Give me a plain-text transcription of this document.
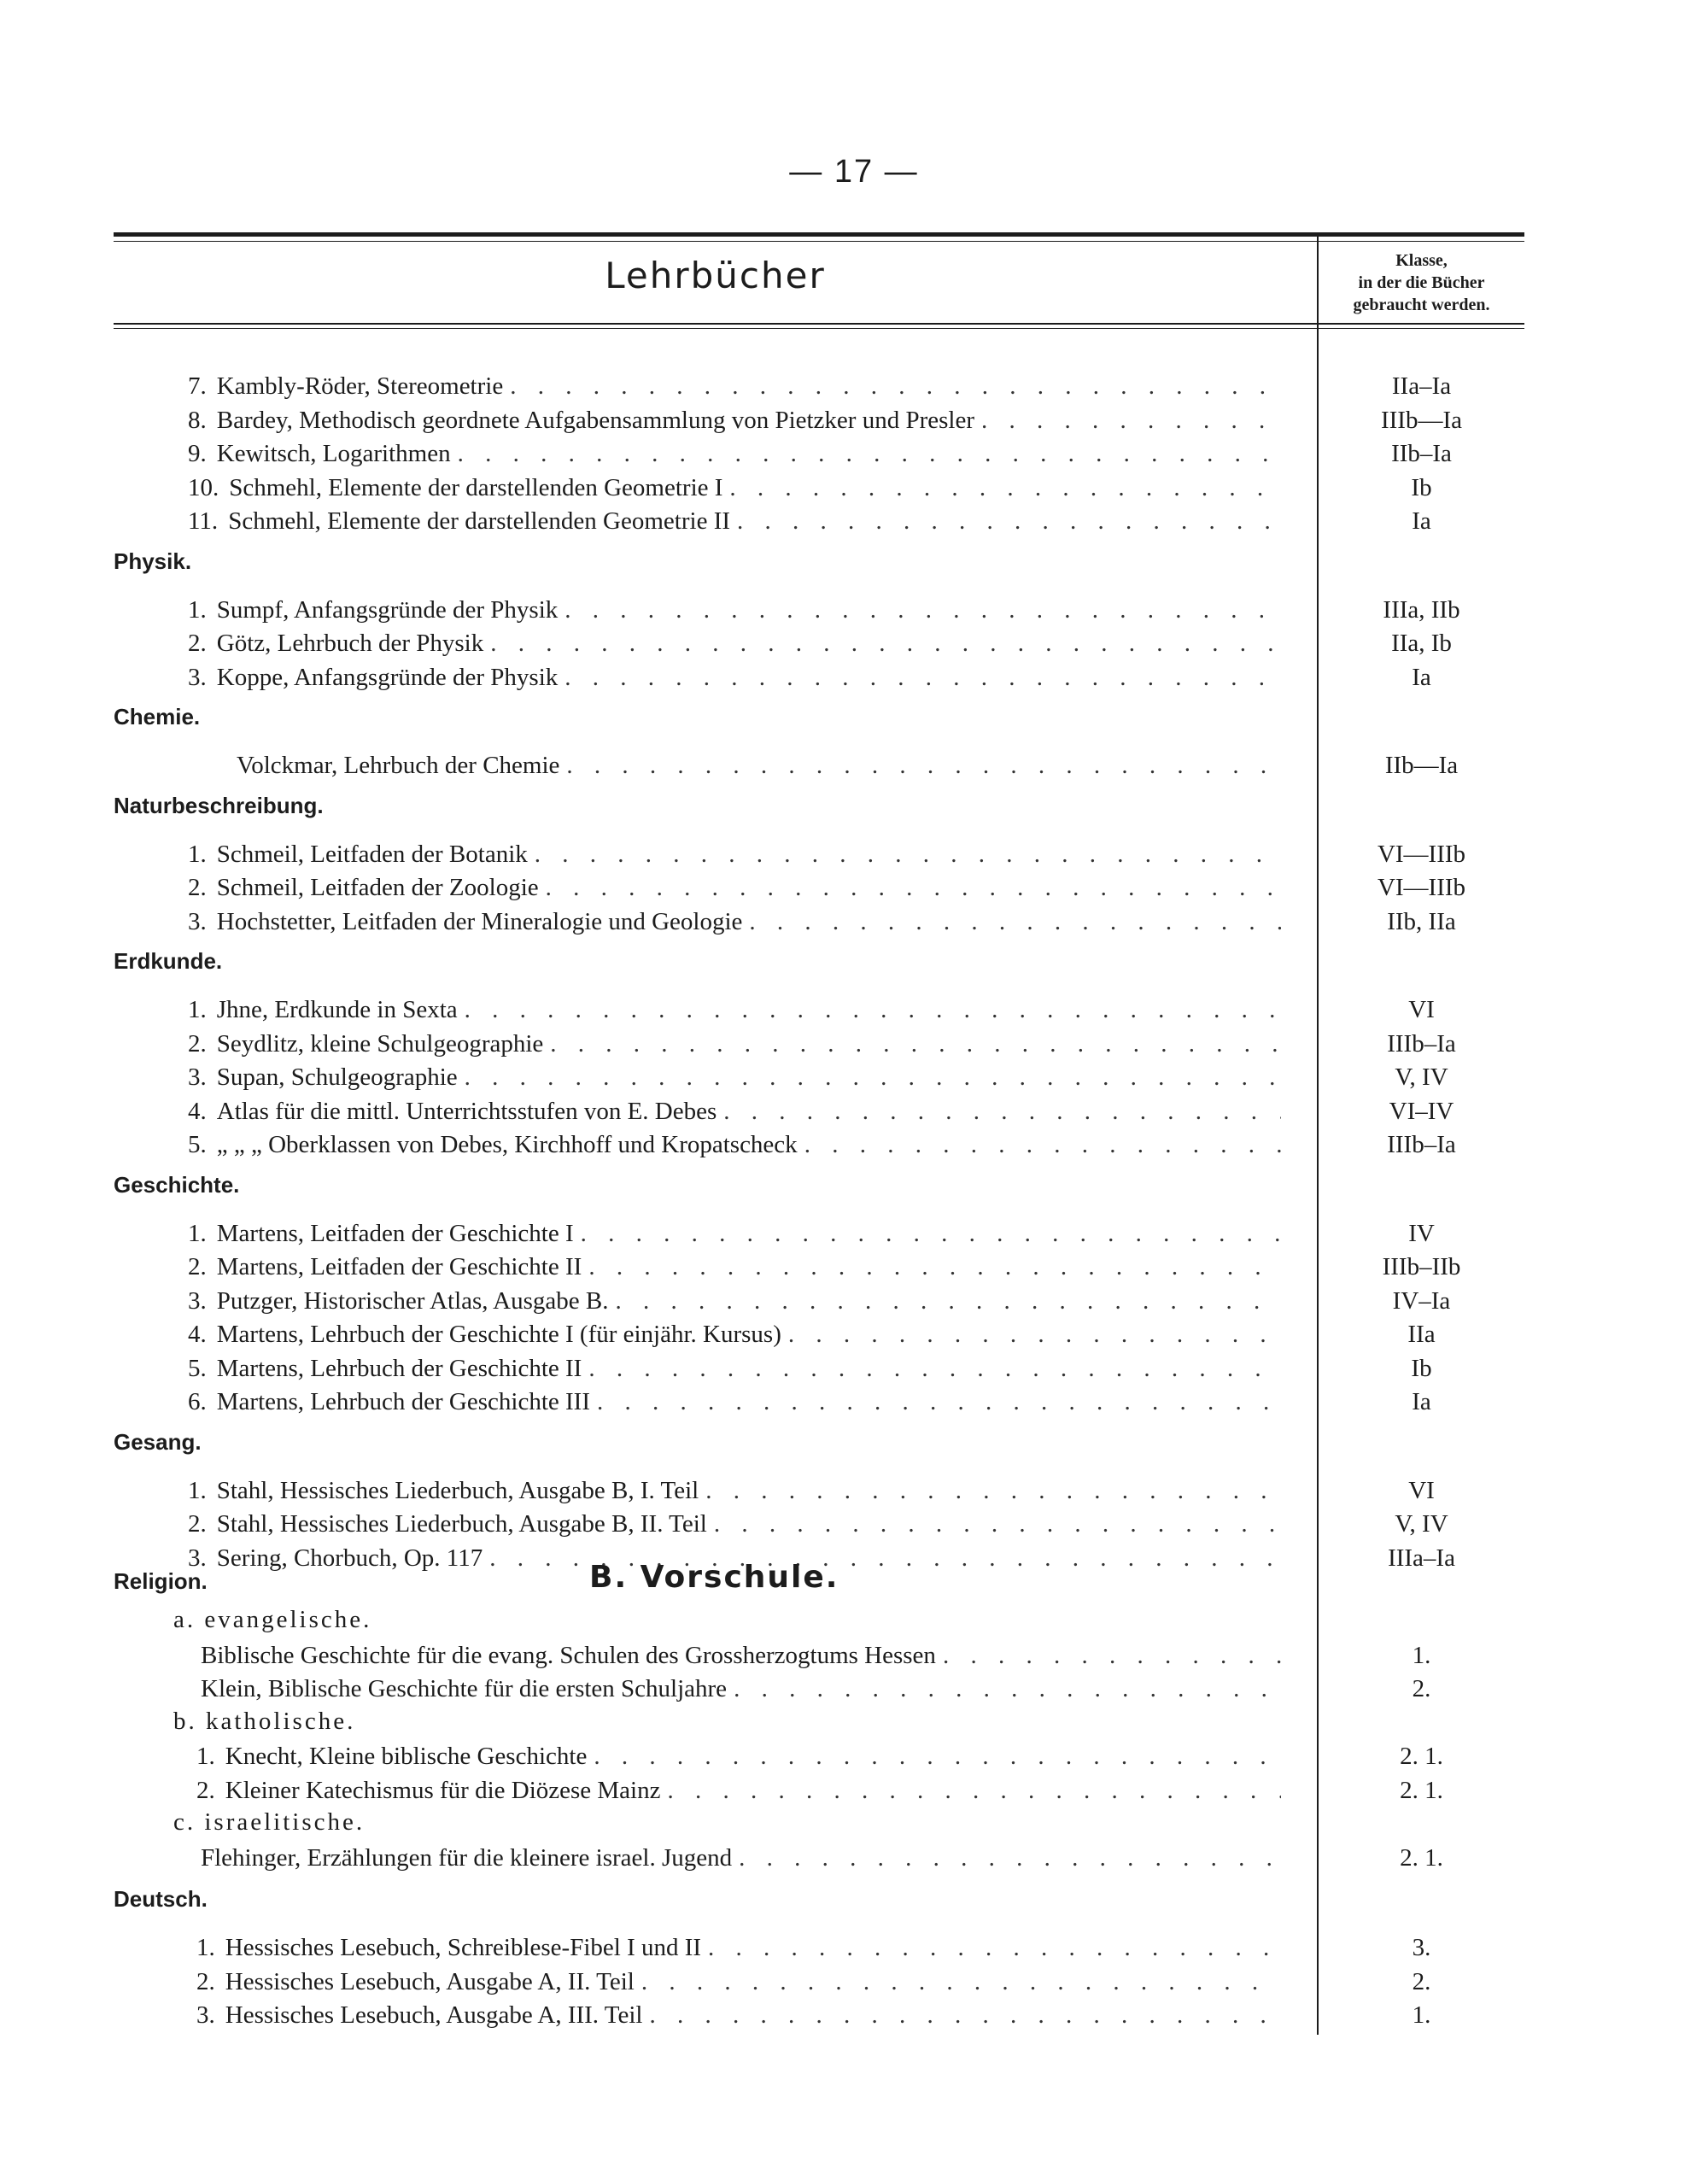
— 17 —
Lehrbücher	Klasse,
in der die Bücher
gebraucht werden.
7. Kambly-Röder, Stereometrie . . .	IIa–Ia
8. Bardey, Methodisch geordnete Aufgabensammlung von Pietzker und Presler . . .	IIIb—Ia
9. Kewitsch, Logarithmen . . .	IIb–Ia
10. Schmehl, Elemente der darstellenden Geometrie I . . .	Ib
11. Schmehl, Elemente der darstellenden Geometrie II . . .	Ia
Physik.
1. Sumpf, Anfangsgründe der Physik . . .	IIIa, IIb
2. Götz, Lehrbuch der Physik . . .	IIa, Ib
3. Koppe, Anfangsgründe der Physik . . .	Ia
Chemie.
Volckmar, Lehrbuch der Chemie . . .	IIb—Ia
Naturbeschreibung.
1. Schmeil, Leitfaden der Botanik . . .	VI—IIIb
2. Schmeil, Leitfaden der Zoologie . . .	VI—IIIb
3. Hochstetter, Leitfaden der Mineralogie und Geologie . . .	IIb, IIa
Erdkunde.
1. Jhne, Erdkunde in Sexta . . .	VI
2. Seydlitz, kleine Schulgeographie . . .	IIIb–Ia
3. Supan, Schulgeographie . . .	V, IV
4. Atlas für die mittl. Unterrichtsstufen von E. Debes . . .	VI–IV
5. „ „ „ Oberklassen von Debes, Kirchhoff und Kropatscheck . . .	IIIb–Ia
Geschichte.
1. Martens, Leitfaden der Geschichte I . . .	IV
2. Martens, Leitfaden der Geschichte II . . .	IIIb–IIb
3. Putzger, Historischer Atlas, Ausgabe B. . . .	IV–Ia
4. Martens, Lehrbuch der Geschichte I (für einjähr. Kursus) . . .	IIa
5. Martens, Lehrbuch der Geschichte II . . .	Ib
6. Martens, Lehrbuch der Geschichte III . . .	Ia
Gesang.
1. Stahl, Hessisches Liederbuch, Ausgabe B, I. Teil . . .	VI
2. Stahl, Hessisches Liederbuch, Ausgabe B, II. Teil . . .	V, IV
3. Sering, Chorbuch, Op. 117 . . .	IIIa–Ia
Religion.
a. evangelische.
Biblische Geschichte für die evang. Schulen des Grossherzogtums Hessen . . .	1.
Klein, Biblische Geschichte für die ersten Schuljahre . . .	2.
b. katholische.
1. Knecht, Kleine biblische Geschichte . . .	2. 1.
2. Kleiner Katechismus für die Diözese Mainz . . .	2. 1.
c. israelitische.
Flehinger, Erzählungen für die kleinere israel. Jugend . . .	2. 1.
Deutsch.
1. Hessisches Lesebuch, Schreiblese-Fibel I und II . . .	3.
2. Hessisches Lesebuch, Ausgabe A, II. Teil . . .	2.
3. Hessisches Lesebuch, Ausgabe A, III. Teil . . .	1.
B. Vorschule.
